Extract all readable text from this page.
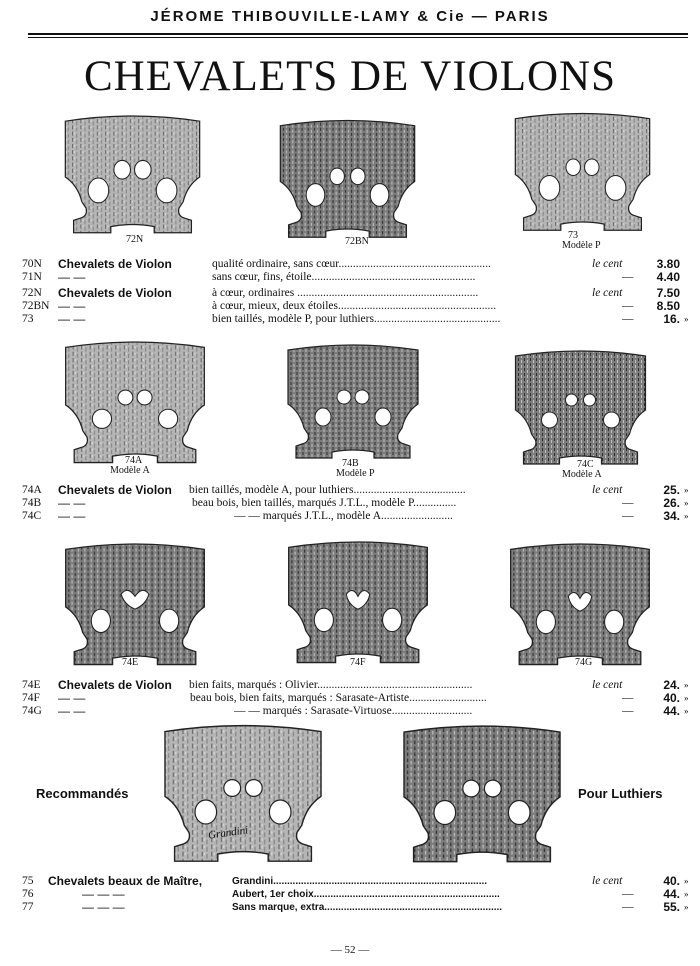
JÉROME THIBOUVILLE-LAMY & Cie — PARIS
CHEVALETS DE VIOLONS
72N	72BN
73
Modèle P
70N	Chevalets de Violon	qualité ordinaire, sans cœur.....................................................	le cent	3.80
71N	— —	sans cœur, fins, étoile.........................................................	—	4.40
72N	Chevalets de Violon	à cœur, ordinaires ...............................................................	le cent	7.50
72BN — —	à cœur, mieux, deux étoiles.......................................................	—	8.50
73	— —	bien taillés, modèle P, pour luthiers............................................	—	16. »
74A
Modèle A
74B
Modèle P
74C
Modèle A
74A	Chevalets de Violon bien taillés, modèle A, pour luthiers.......................................	le cent	25. »
74B	— —	beau bois, bien taillés, marqués J.T.L., modèle P...............	—	26. »
74C	— —	— — marqués J.T.L., modèle A.........................	—	34. »
74E	74F	74G
74E	Chevalets de Violon bien faits, marqués : Olivier......................................................	le cent	24. »
74F	— —	beau bois, bien faits, marqués : Sarasate-Artiste...........................	—	40. »
74G	— —	— — marqués : Sarasate-Virtuose............................	—	44. »
Recommandés
Grandini
Pour Luthiers
75	Chevalets beaux de Maître,	Grandini.............................................................................	le cent	40. »
76	— — —	Aubert, 1er choix...................................................................	—	44. »
77	— — —	Sans marque, extra................................................................	—	55. »
— 52 —
